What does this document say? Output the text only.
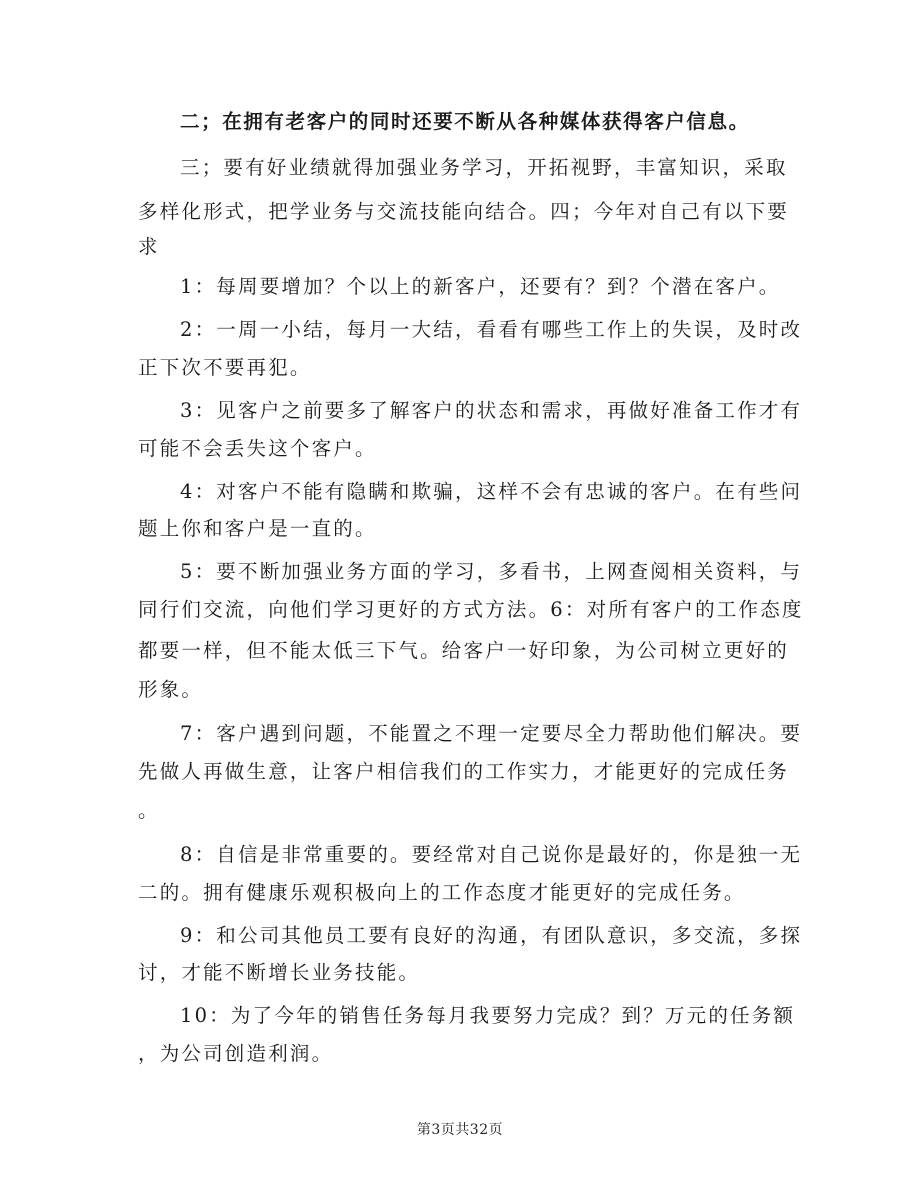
二；在拥有老客户的同时还要不断从各种媒体获得客户信息。
三；要有好业绩就得加强业务学习，开拓视野，丰富知识，采取
多样化形式，把学业务与交流技能向结合。四；今年对自己有以下要
求
1：每周要增加？个以上的新客户，还要有？到？个潜在客户。
2：一周一小结，每月一大结，看看有哪些工作上的失误，及时改
正下次不要再犯。
3：见客户之前要多了解客户的状态和需求，再做好准备工作才有
可能不会丢失这个客户。
4：对客户不能有隐瞒和欺骗，这样不会有忠诚的客户。在有些问
题上你和客户是一直的。
5：要不断加强业务方面的学习，多看书，上网查阅相关资料，与
同行们交流，向他们学习更好的方式方法。6：对所有客户的工作态度
都要一样，但不能太低三下气。给客户一好印象，为公司树立更好的
形象。
7：客户遇到问题，不能置之不理一定要尽全力帮助他们解决。要
先做人再做生意，让客户相信我们的工作实力，才能更好的完成任务
。
8：自信是非常重要的。要经常对自己说你是最好的，你是独一无
二的。拥有健康乐观积极向上的工作态度才能更好的完成任务。
9：和公司其他员工要有良好的沟通，有团队意识，多交流，多探
讨，才能不断增长业务技能。
10：为了今年的销售任务每月我要努力完成？到？万元的任务额
，为公司创造利润。
第3页共32页
